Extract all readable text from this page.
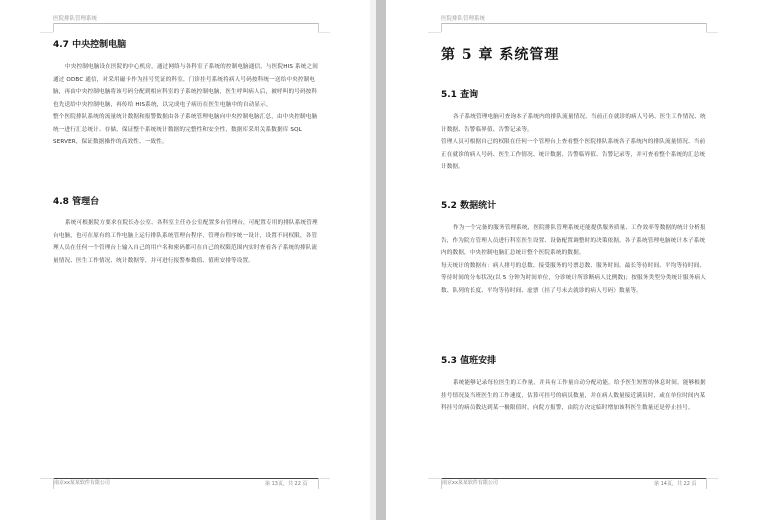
医院排队管理系统
4.7 中央控制电脑

中央控制电脑设在医院的中心机房，通过网络与各科室子系统的控制电脑通信，与医院HIS 系统之间通过 ODBC 通信，对采用磁卡作为挂号凭证的科室，门诊挂号系统将病人号码按科统一送给中央控制电脑，再由中央控制电脑将该号码分配到相应科室的子系统控制电脑，医生呼叫病人后，被呼叫的号码按科也先送给中央控制电脑，再传给 HIS系统，以完成电子病历在医生电脑中的自动显示。

整个医院排队系统的流量统计数据和报警数据由各子系统管理电脑向中央控制电脑汇总，由中央控制电脑统一进行汇总统计、存储，保证整个系统统计数据的完整性和安全性，数据库采用关系数据库 SQL SERVER，保证数据操作的高效性、一致性。

4.8 管理台

系统可根据院方要求在院长办公室、各科室主任办公室配置多台管理台，可配置专用的排队系统管理台电脑，也可在原有的工作电脑上运行排队系统管理台程序，管理台程序统一设计，设置不同权限，各管理人员在任何一个管理台上输入自己的用户名和密码都可在自己的权限范围内实时查看各子系统的排队流量情况、医生工作情况、统计数据等，并可进行报警参数值、值班安排等设置。

南京xx某某软件有限公司	第 13页，共 22 页
医院排队管理系统
第 5 章 系统管理
5.1 查询

各子系统管理电脑可查询本子系统内的排队流量情况、当前正在就诊的病人号码、医生工作情况、统计数据、告警临界值、告警记录等。

管理人员可根据自己的权限在任何一个管理台上查看整个医院排队系统各子系统内的排队流量情况、当前正在就诊的病人号码、医生工作情况、统计数据、告警临界值、告警记录等，并可查看整个系统的汇总统计数据。

5.2 数据统计

作为一个完备的服务管理系统，医院排队管理系统还能提供服务质量、工作效率等数据的统计分析报告，作为院方管理人员进行科室医生设置、设备配置调整时的决策依据。各子系统管理电脑统计本子系统内的数据，中央控制电脑汇总统计整个医院系统的数据。

每天统计的数据有：病人排号的总数、接受服务的号票总数、服务时间、最长等待时间、平均等待时间、等待时间的分布状况(以 5 分钟为时间单位，分诊统计所诊断病人比例数)；按服务类型分类统计服务病人数、队列的长度、平均等待时间、虚票（挂了号未去就诊的病人号码）数量等。

5.3 值班安排

系统能够记录每位医生的工作量，并具有工作量自动分配功能，给予医生短暂的休息时间。能够根据挂号情况及当班医生的工作速度，估算可挂号的病员数量，并在病人数量接近满员时，或在单位时间内某科挂号的病员数达到某一极限值时，向院方报警，由院方决定临时增加该科医生数量还是停止挂号。

南京xx某某软件有限公司	第 14页，共 22 页
